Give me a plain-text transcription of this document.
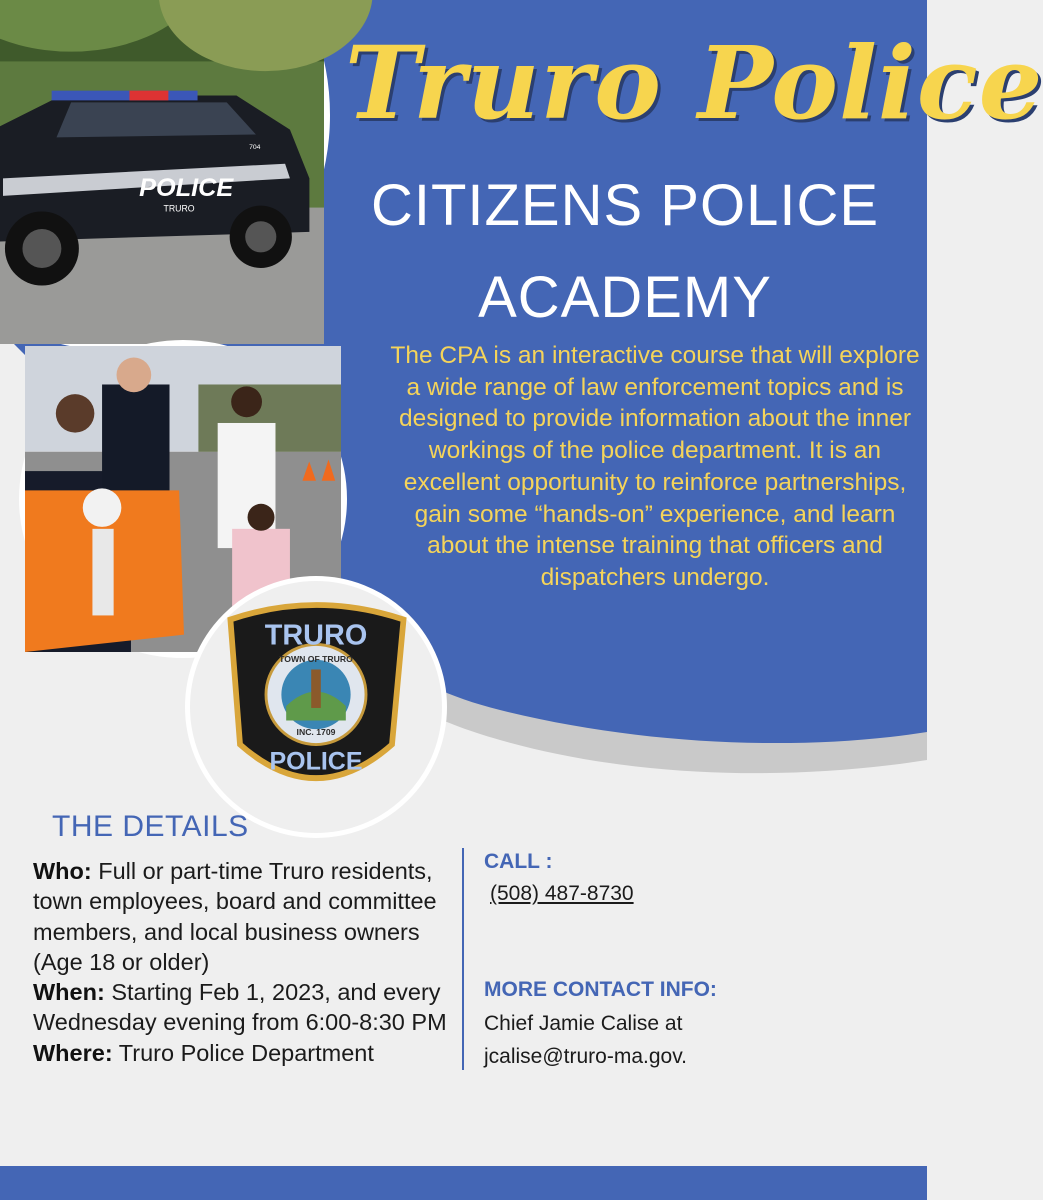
POLICE
TRURO
704
TRURO
TOWN OF TRURO
INC. 1709
POLICE
Truro Police
CITIZENS POLICE
ACADEMY
The CPA is an interactive course that will explore a wide range of law enforcement topics and is designed to provide information about the inner workings of the police department. It is an excellent opportunity to reinforce partnerships, gain some “hands-on” experience, and learn about the intense training that officers and dispatchers undergo.
THE DETAILS
Who: Full or part-time Truro residents, town employees, board and committee members, and local business owners (Age 18 or older)
When: Starting Feb 1, 2023, and every Wednesday evening from 6:00-8:30 PM
Where: Truro Police Department
CALL :
(508) 487-8730
MORE CONTACT INFO:
Chief Jamie Calise at
jcalise@truro-ma.gov.
